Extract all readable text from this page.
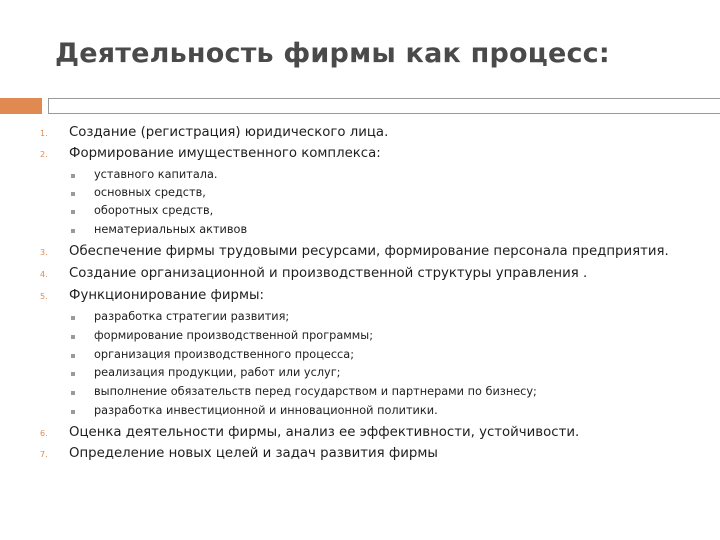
Деятельность фирмы как процесс:
1.	Создание (регистрация) юридического лица.
2.	Формирование имущественного комплекса:
уставного капитала.
основных средств,
оборотных средств,
нематериальных активов
3.	Обеспечение фирмы трудовыми ресурсами, формирование персонала предприятия.
4.	Создание организационной и производственной структуры управления .
5.	Функционирование фирмы:
разработка стратегии развития;
формирование производственной программы;
организация производственного процесса;
реализация продукции, работ или услуг;
выполнение обязательств перед государством и партнерами по бизнесу;
разработка инвестиционной и инновационной политики.
6.	Оценка деятельности фирмы, анализ ее эффективности, устойчивости.
7.	Определение новых целей и задач развития фирмы
